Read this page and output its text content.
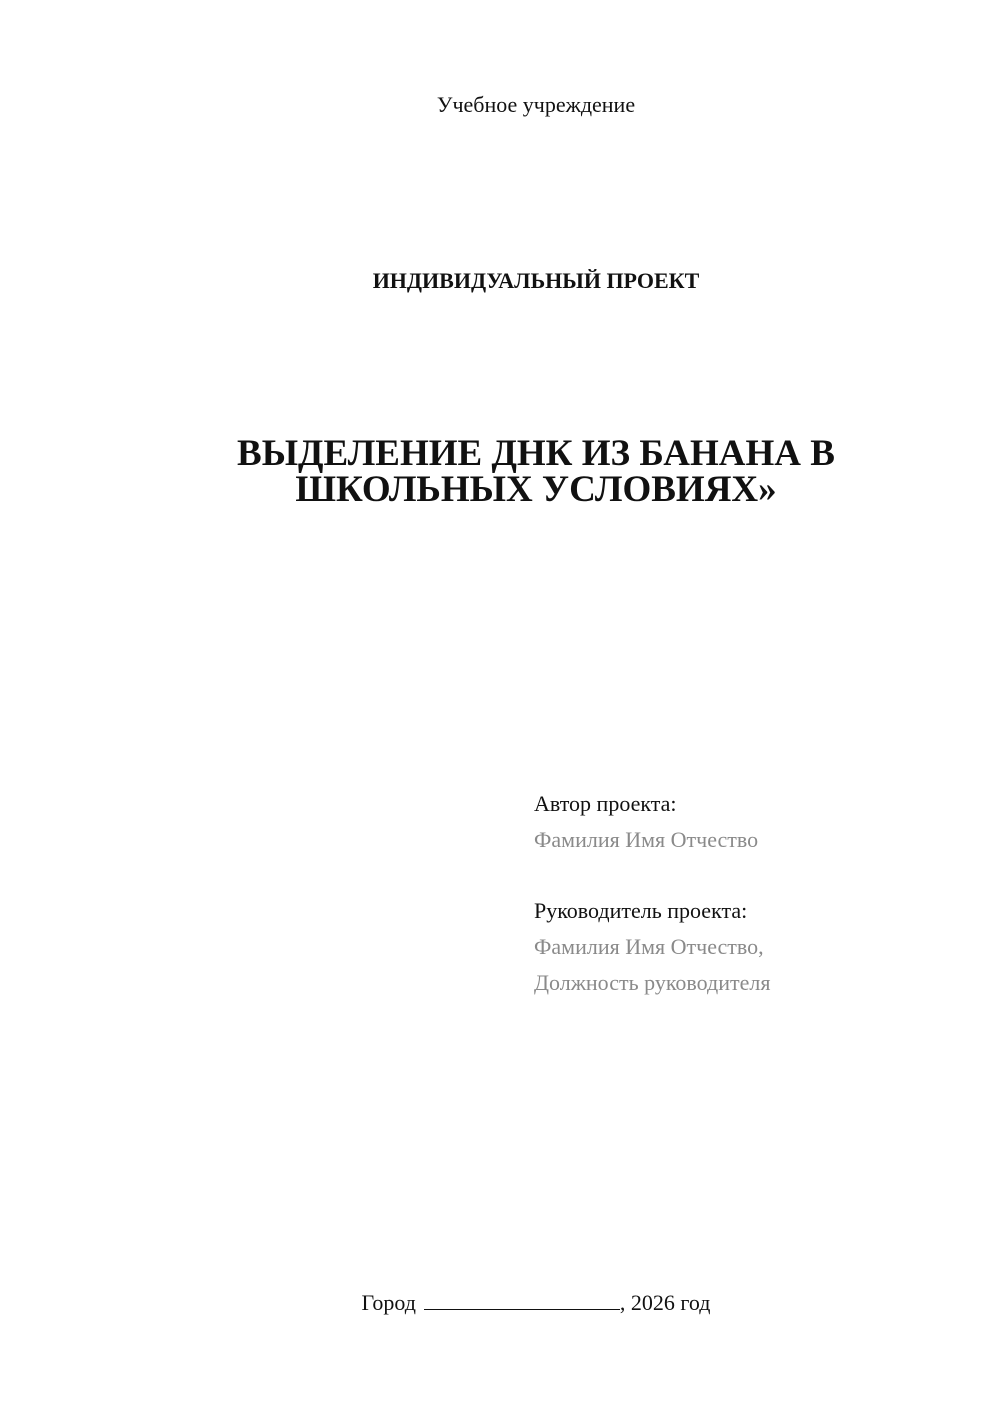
Учебное учреждение
ИНДИВИДУАЛЬНЫЙ ПРОЕКТ
ВЫДЕЛЕНИЕ ДНК ИЗ БАНАНА В
ШКОЛЬНЫХ УСЛОВИЯХ»
Автор проекта:
Фамилия Имя Отчество
Руководитель проекта:
Фамилия Имя Отчество,
Должность руководителя
Город	, 2026 год
